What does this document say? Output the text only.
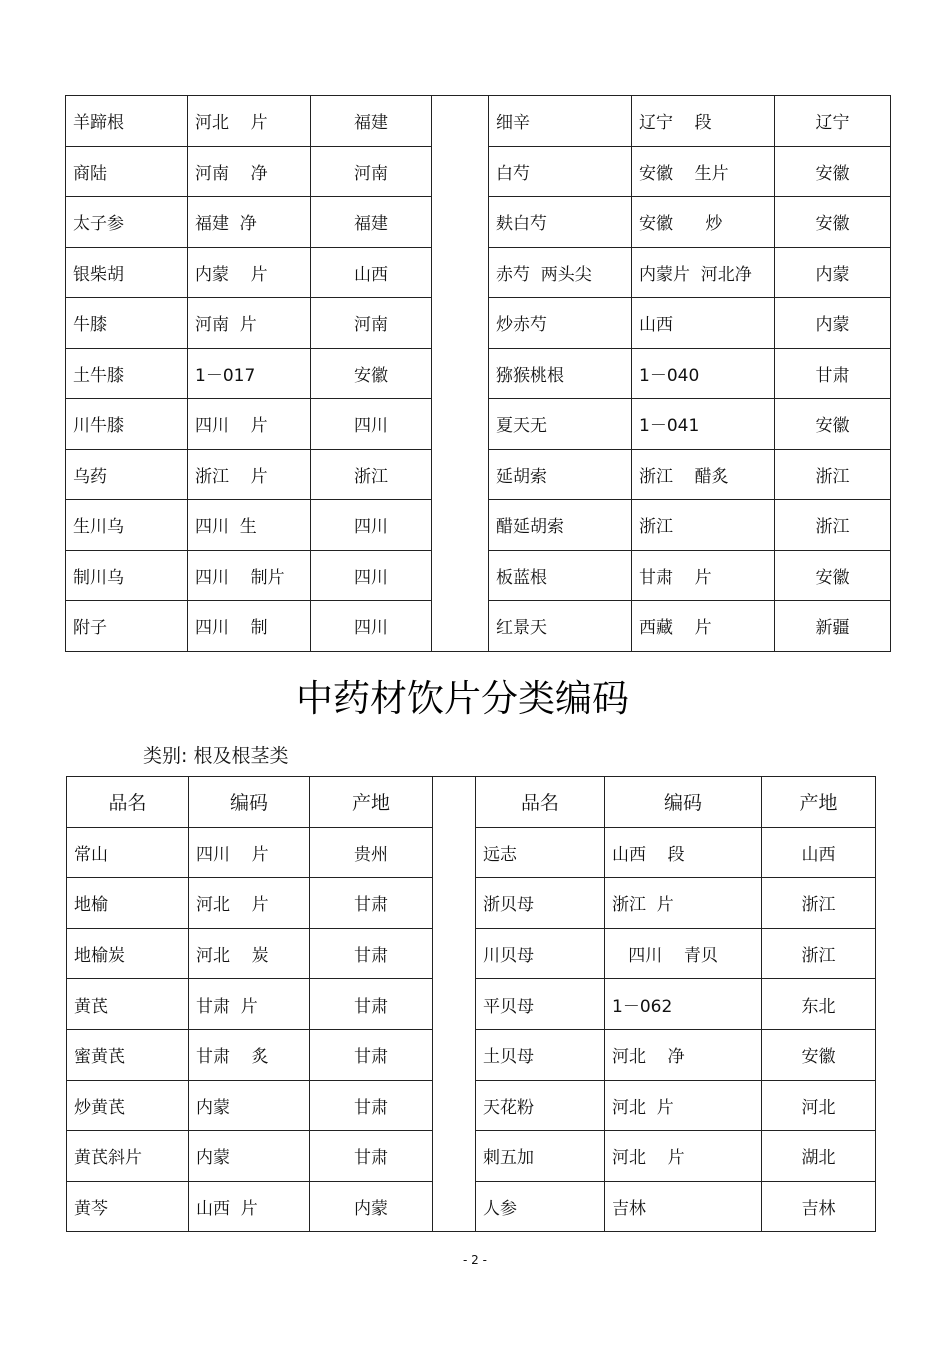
羊蹄根	河北    片	福建		细辛	辽宁    段	辽宁
商陆	河南    净	河南		白芍	安徽    生片	安徽
太子参	福建  净	福建		麸白芍	安徽      炒	安徽
银柴胡	内蒙    片	山西		赤芍  两头尖	内蒙片  河北净	内蒙
牛膝	河南  片	河南		炒赤芍	山西	内蒙
土牛膝	1－017	安徽		猕猴桃根	1－040	甘肃
川牛膝	四川    片	四川		夏天无	1－041	安徽
乌药	浙江    片	浙江		延胡索	浙江    醋炙	浙江
生川乌	四川  生	四川		醋延胡索	浙江	浙江
制川乌	四川    制片	四川		板蓝根	甘肃    片	安徽
附子	四川    制	四川		红景天	西藏    片	新疆
中药材饮片分类编码
类别: 根及根茎类
品名	编码	产地		品名	编码	产地
常山	四川    片	贵州		远志	山西    段	山西
地榆	河北    片	甘肃		浙贝母	浙江  片	浙江
地榆炭	河北    炭	甘肃		川贝母	四川    青贝	浙江
黄芪	甘肃  片	甘肃		平贝母	1－062	东北
蜜黄芪	甘肃    炙	甘肃		土贝母	河北    净	安徽
炒黄芪	内蒙	甘肃		天花粉	河北  片	河北
黄芪斜片	内蒙	甘肃		刺五加	河北    片	湖北
黄芩	山西  片	内蒙		人参	吉林	吉林
- 2 -
